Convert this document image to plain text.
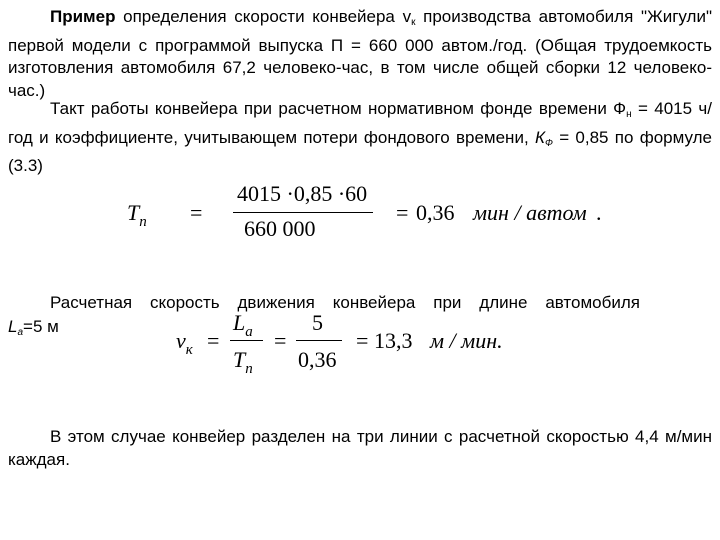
Пример определения скорости конвейера $v_к$ производства автомобиля "Жигули" первой модели с программой выпуска П = 660 000 автом./год. (Общая трудоемкость изготовления автомобиля 67,2 человеко-час, в том числе общей сборки 12 человеко-час.)
Такт работы конвейера при расчетном нормативном фонде времени $Ф_н = 4015$ ч/год и коэффициенте, учитывающем потери фондового времени, $К_Ф = 0,85$ по формуле (3.3)
$T_п$ =
4015 ·0,85 ·60
660 000
= 0,36 мин / автом .
Расчетная скорость движения конвейера при длине автомобиля
$L_а=5$ м
$v_к$ =
$L_a$
$T_п$
=
5
0,36
= 13,3 м / мин.
В этом случае конвейер разделен на три линии с расчетной скоростью 4,4 м/мин каждая.
